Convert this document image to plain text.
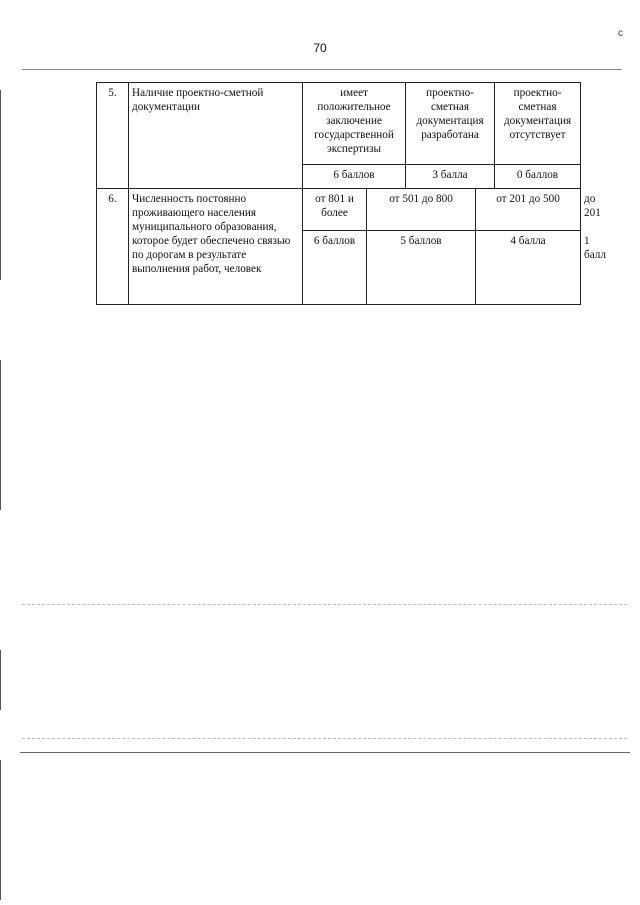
70
с
5.	Наличие проектно-сметной документации	имеет положительное заключение государственной экспертизы		проектно-сметная документация разработана		проектно-сметная документация отсутствует	
		6 баллов		3 балла		0 баллов	
6.	Численность постоянно проживающего населения муниципального образования, которое будет обеспечено связью по дорогам в результате выполнения работ, человек	от 801 и более	от 501 до 800		от 201 до 500		до 201
		6 баллов	5 баллов		4 балла		1 балл
